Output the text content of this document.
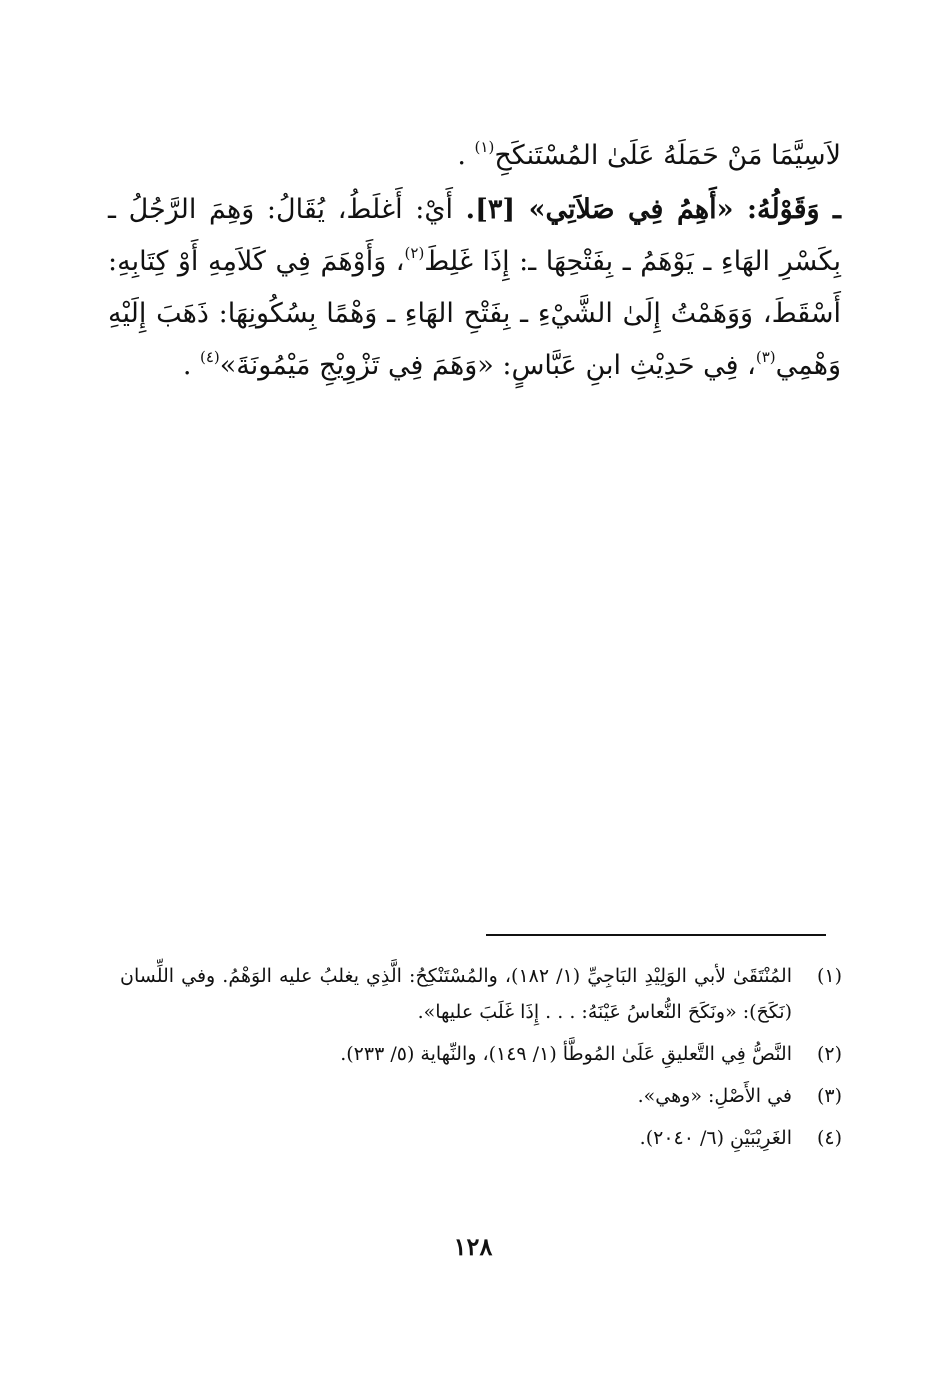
لاَسِيَّمَا مَنْ حَمَلَهُ عَلَىٰ المُسْتَنكَحِ$^{(١)}$ .

ـ وَقَوْلُهُ: «أَهِمُ فِي صَلاَتِي» [٣]. أَيْ: أَغلَطُ، يُقَالُ: وَهِمَ الرَّجُلُ ـ بِكَسْرِ الهَاءِ ـ يَوْهَمُ ـ بِفَتْحِهَا ـ: إِذَا غَلِطَ$^{(٢)}$، وَأَوْهَمَ فِي كَلاَمِهِ أَوْ كِتَابِهِ: أَسْقَطَ، وَوَهَمْتُ إِلَىٰ الشَّيْءِ ـ بِفَتْحِ الهَاءِ ـ وَهْمًا بِسُكُونِهَا: ذَهَبَ إِلَيْهِ وَهْمِي$^{(٣)}$، فِي حَدِيْثِ ابنِ عَبَّاسٍ: «وَهَمَ فِي تَزْوِيْجِ مَيْمُونَةَ»$^{(٤)}$ .

(١)
المُنْتَقَىٰ لأبي الوَلِيْدِ البَاجِيِّ (١/ ١٨٢)، والمُسْتَنْكِحُ: الَّذِي يغلبُ عليه الوَهْمُ. وفي اللِّسان (نَكَحَ): «ونَكَحَ النُّعاسُ عَيْنَهُ: . . . إِذَا غَلَبَ عليها».
(٢)
النَّصُّ فِي التَّعليقِ عَلَىٰ المُوطَّأ (١/ ١٤٩)، والنِّهاية (٥/ ٢٣٣).
(٣)
في الأَصْلِ: «وهي».
(٤)
الغَرِيْبَيْنِ (٦/ ٢٠٤٠).
١٢٨
